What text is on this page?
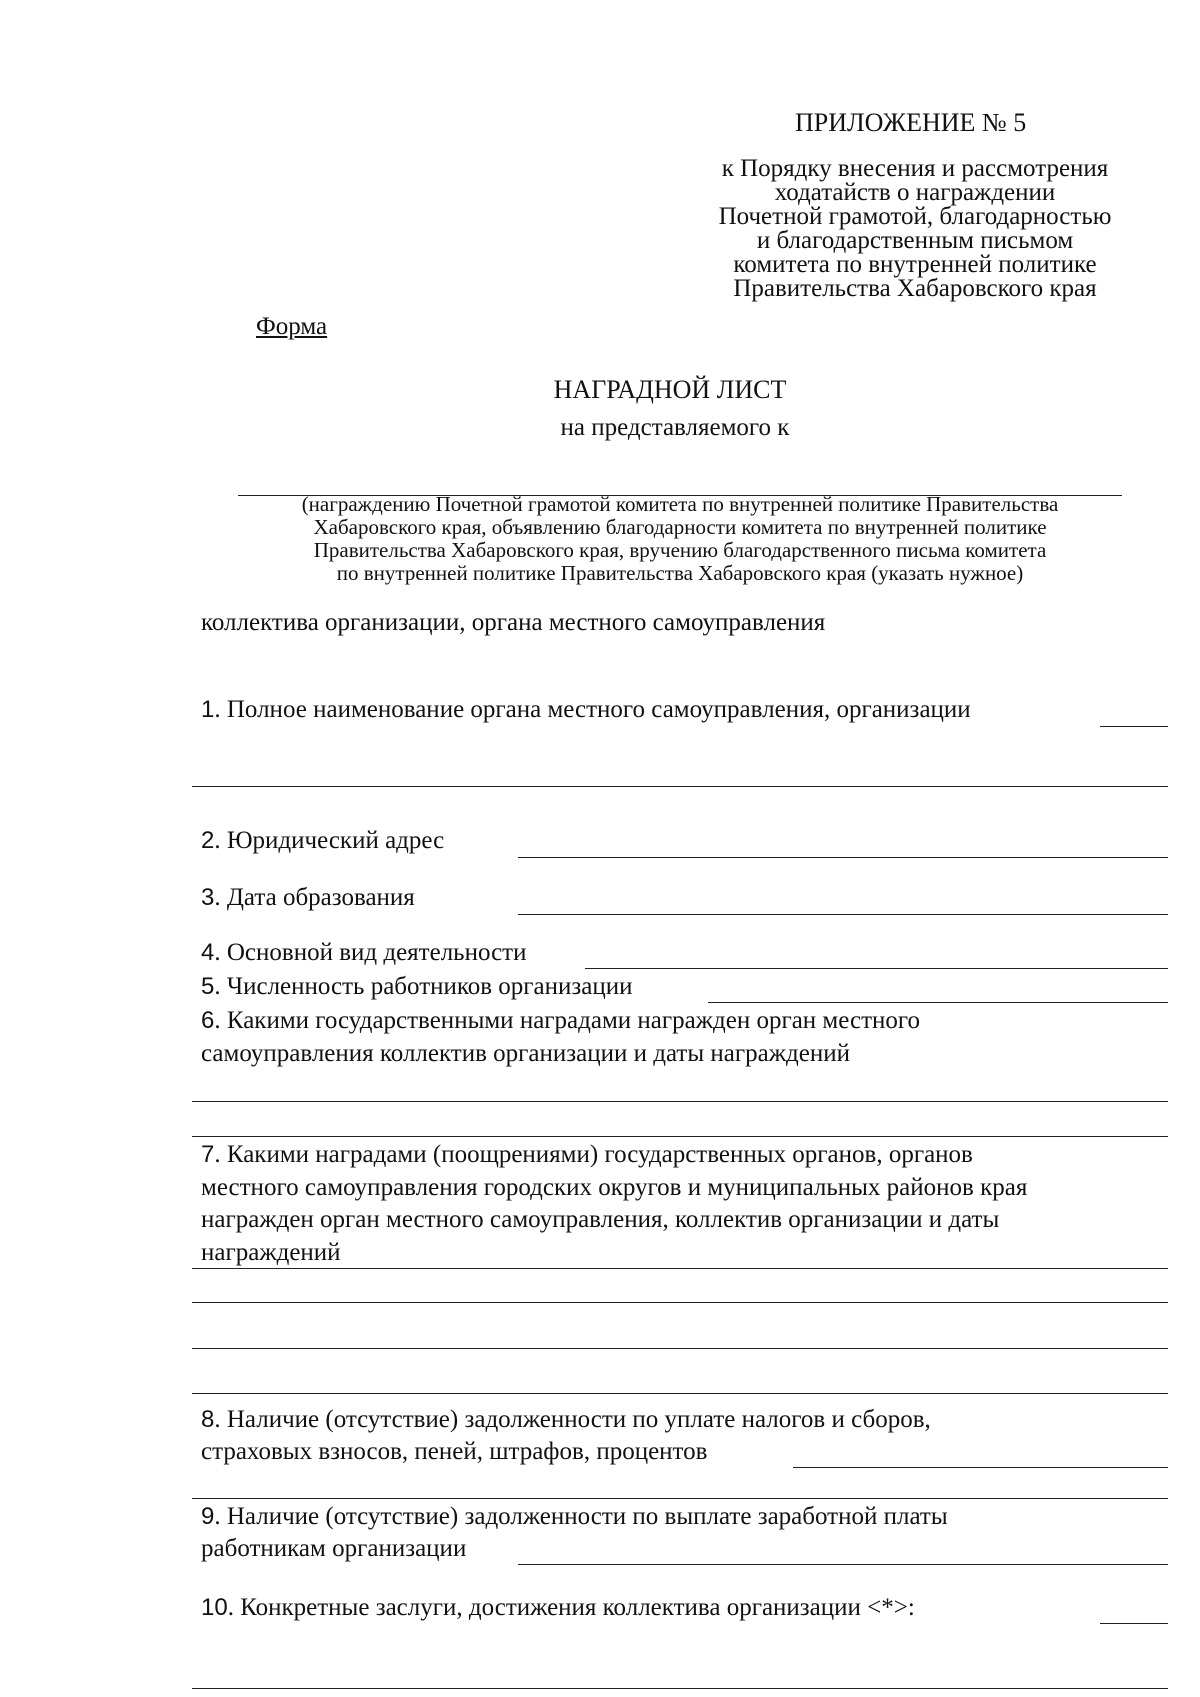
ПРИЛОЖЕНИЕ № 5
к Порядку внесения и рассмотрения
ходатайств о награждении
Почетной грамотой, благодарностью
и благодарственным письмом
комитета по внутренней политике
Правительства Хабаровского края
Форма
НАГРАДНОЙ ЛИСТ
на представляемого к
(награждению Почетной грамотой комитета по внутренней политике Правительства
Хабаровского края, объявлению благодарности комитета по внутренней политике
Правительства Хабаровского края, вручению благодарственного письма комитета
по внутренней политике Правительства Хабаровского края (указать нужное)
коллектива организации, органа местного самоуправления
1. Полное наименование органа местного самоуправления, организации
2. Юридический адрес
3. Дата образования
4. Основной вид деятельности
5. Численность работников организации
6. Какими государственными наградами награжден орган местного
самоуправления коллектив организации и даты награждений
7. Какими наградами (поощрениями) государственных органов, органов
местного самоуправления городских округов и муниципальных районов края
награжден орган местного самоуправления, коллектив организации и даты
награждений
8. Наличие (отсутствие) задолженности по уплате налогов и сборов,
страховых взносов, пеней, штрафов, процентов
9. Наличие (отсутствие) задолженности по выплате заработной платы
работникам организации
10. Конкретные заслуги, достижения коллектива организации <*>:
